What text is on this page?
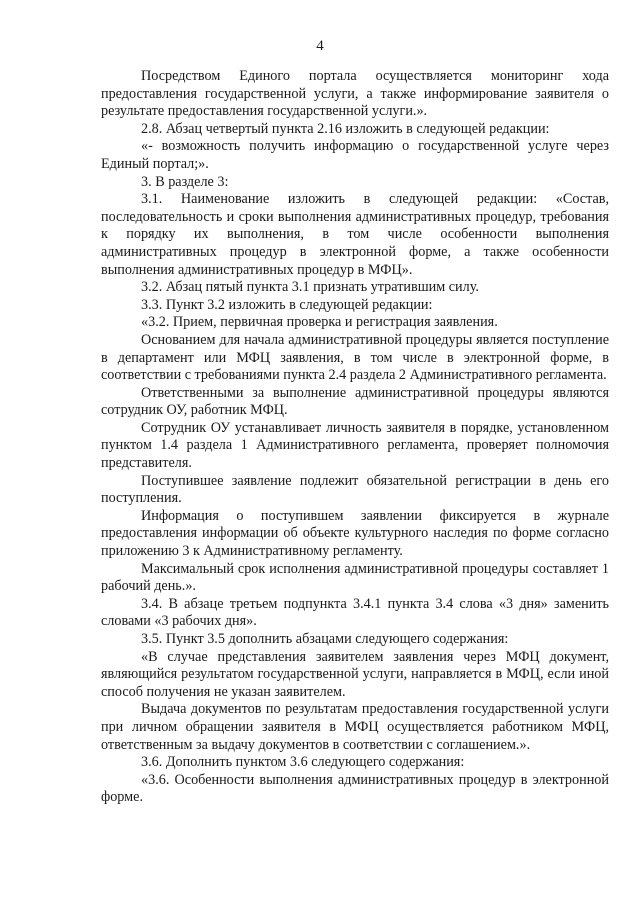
4

Посредством Единого портала осуществляется мониторинг хода предоставления государственной услуги, а также информирование заявителя о результате предоставления государственной услуги.».

2.8. Абзац четвертый пункта 2.16 изложить в следующей редакции:

«- возможность получить информацию о государственной услуге через Единый портал;».

3. В разделе 3:

3.1. Наименование изложить в следующей редакции: «Состав, последовательность и сроки выполнения административных процедур, требования к порядку их выполнения, в том числе особенности выполнения административных процедур в электронной форме, а также особенности выполнения административных процедур в МФЦ».

3.2. Абзац пятый пункта 3.1 признать утратившим силу.

3.3. Пункт 3.2 изложить в следующей редакции:

«3.2. Прием, первичная проверка и регистрация заявления.

Основанием для начала административной процедуры является поступление в департамент или МФЦ заявления, в том числе в электронной форме, в соответствии с требованиями пункта 2.4 раздела 2 Административного регламента.

Ответственными за выполнение административной процедуры являются сотрудник ОУ, работник МФЦ.

Сотрудник ОУ устанавливает личность заявителя в порядке, установленном пунктом 1.4 раздела 1 Административного регламента, проверяет полномочия представителя.

Поступившее заявление подлежит обязательной регистрации в день его поступления.

Информация о поступившем заявлении фиксируется в журнале предоставления информации об объекте культурного наследия по форме согласно приложению 3 к Административному регламенту.

Максимальный срок исполнения административной процедуры составляет 1 рабочий день.».

3.4. В абзаце третьем подпункта 3.4.1 пункта 3.4 слова «3 дня» заменить словами «3 рабочих дня».

3.5. Пункт 3.5 дополнить абзацами следующего содержания:

«В случае представления заявителем заявления через МФЦ документ, являющийся результатом государственной услуги, направляется в МФЦ, если иной способ получения не указан заявителем.

Выдача документов по результатам предоставления государственной услуги при личном обращении заявителя в МФЦ осуществляется работником МФЦ, ответственным за выдачу документов в соответствии с соглашением.».

3.6. Дополнить пунктом 3.6 следующего содержания:

«3.6. Особенности выполнения административных процедур в электронной форме.
